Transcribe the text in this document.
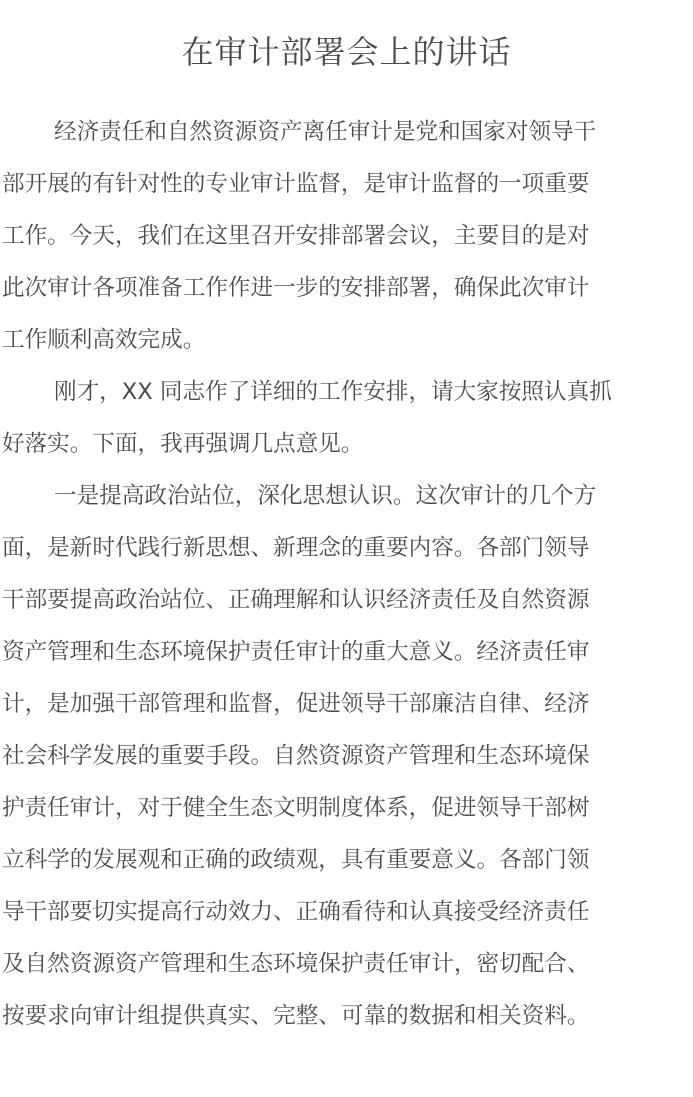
在审计部署会上的讲话
经济责任和自然资源资产离任审计是党和国家对领导干
部开展的有针对性的专业审计监督，是审计监督的一项重要
工作。今天，我们在这里召开安排部署会议，主要目的是对
此次审计各项准备工作作进一步的安排部署，确保此次审计
工作顺利高效完成。
刚才，XX 同志作了详细的工作安排，请大家按照认真抓
好落实。下面，我再强调几点意见。
一是提高政治站位，深化思想认识。这次审计的几个方
面，是新时代践行新思想、新理念的重要内容。各部门领导
干部要提高政治站位、正确理解和认识经济责任及自然资源
资产管理和生态环境保护责任审计的重大意义。经济责任审
计，是加强干部管理和监督，促进领导干部廉洁自律、经济
社会科学发展的重要手段。自然资源资产管理和生态环境保
护责任审计，对于健全生态文明制度体系，促进领导干部树
立科学的发展观和正确的政绩观，具有重要意义。各部门领
导干部要切实提高行动效力、正确看待和认真接受经济责任
及自然资源资产管理和生态环境保护责任审计，密切配合、
按要求向审计组提供真实、完整、可靠的数据和相关资料。
